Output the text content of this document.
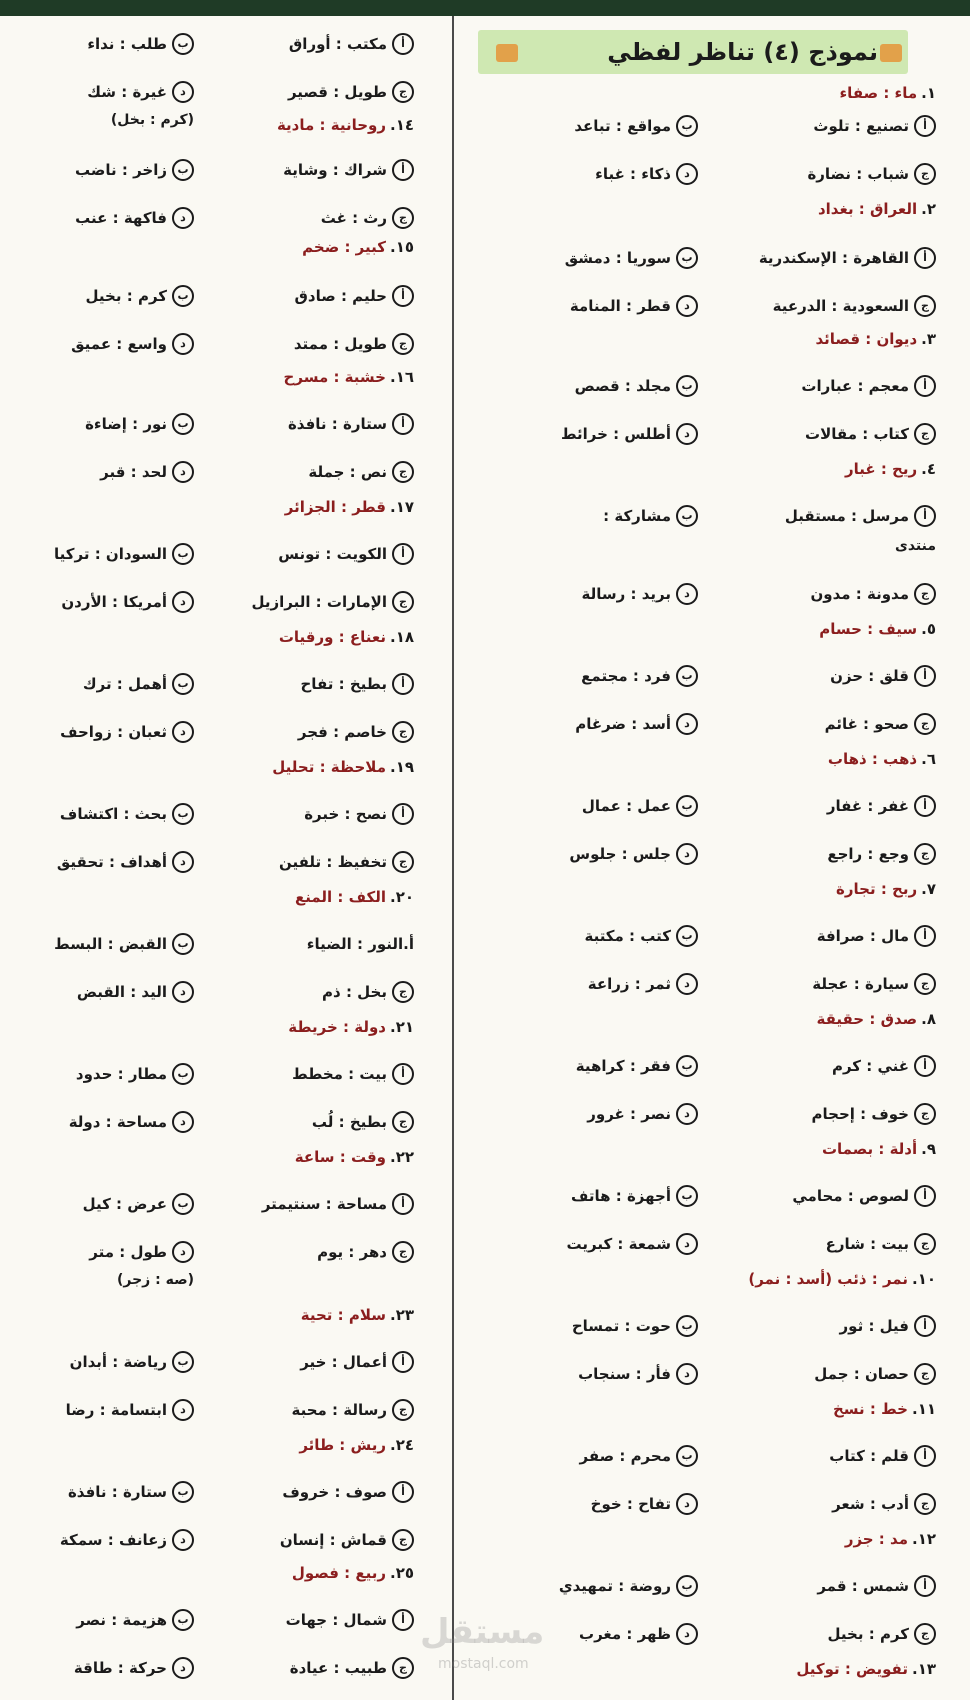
نموذج (٤) تناظر لفظي
١.ماء : صفاء
أ
تصنيع : تلوث
ب
مواقع : تباعد
ج
شباب : نضارة
د
ذكاء : غباء
٢.العراق : بغداد
أ
القاهرة : الإسكندرية
ب
سوريا : دمشق
ج
السعودية : الدرعية
د
قطر : المنامة
٣.ديوان : قصائد
أ
معجم : عبارات
ب
مجلد : قصص
ج
كتاب : مقالات
د
أطلس : خرائط
٤.ريح : غبار
أ
مرسل : مستقبل
ب
مشاركة :
ج
مدونة : مدون
د
بريد : رسالة
منتدى
٥.سيف : حسام
أ
قلق : حزن
ب
فرد : مجتمع
ج
صحو : غائم
د
أسد : ضرغام
٦.ذهب : ذهاب
أ
غفر : غفار
ب
عمل : عمال
ج
وجع : راجع
د
جلس : جلوس
٧.ربح : تجارة
أ
مال : صرافة
ب
كتب : مكتبة
ج
سيارة : عجلة
د
ثمر : زراعة
٨.صدق : حقيقة
أ
غني : كرم
ب
فقر : كراهية
ج
خوف : إحجام
د
نصر : غرور
٩.أدلة : بصمات
أ
لصوص : محامي
ب
أجهزة : هاتف
ج
بيت : شارع
د
شمعة : كبريت
١٠.نمر : ذئب (أسد : نمر)
أ
فيل : ثور
ب
حوت : تمساح
ج
حصان : جمل
د
فأر : سنجاب
١١.خط : نسخ
أ
قلم : كتاب
ب
محرم : صفر
ج
أدب : شعر
د
تفاح : خوخ
١٢.مد : جزر
أ
شمس : قمر
ب
روضة : تمهيدي
ج
كرم : بخيل
د
ظهر : مغرب
١٣.تفويض : توكيل
أ
مكتب : أوراق
ب
طلب : نداء
ج
طويل : قصير
د
غيرة : شك
(كرم : بخل)	١٤.روحانية : مادية
أ
شراك : وشاية
ب
زاخر : ناضب
ج
رث : غث
د
فاكهة : عنب
١٥.كبير : ضخم
أ
حليم : صادق
ب
كرم : بخيل
ج
طويل : ممتد
د
واسع : عميق
١٦.خشبة : مسرح
أ
ستارة : نافذة
ب
نور : إضاءة
ج
نص : جملة
د
لحد : قبر
١٧.قطر : الجزائر
أ
الكويت : تونس
ب
السودان : تركيا
ج
الإمارات : البرازيل
د
أمريكا : الأردن
١٨.نعناع : ورقيات
أ
بطيخ : تفاح
ب
أهمل : ترك
ج
خاصم : فجر
د
ثعبان : زواحف
١٩.ملاحظة : تحليل
أ
نصح : خبرة
ب
بحث : اكتشاف
ج
تخفيظ : تلفين
د
أهداف : تحقيق
٢٠.الكف : المنع
أ.النور : الضياء
ب
القبض : البسط
ج
بخل : ذم
د
اليد : القبض
٢١.دولة : خريطة
أ
بيت : مخطط
ب
مطار : حدود
ج
بطيخ : لُب
د
مساحة : دولة
٢٢.وقت : ساعة
أ
مساحة : سنتيمتر
ب
عرض : كيل
ج
دهر : يوم
د
طول : متر
(صه : زجر)
٢٣.سلام : تحية
أ
أعمال : خير
ب
رياضة : أبدان
ج
رسالة : محبة
د
ابتسامة : رضا
٢٤.ريش : طائر
أ
صوف : خروف
ب
ستارة : نافذة
ج
قماش : إنسان
د
زعانف : سمكة
٢٥.ربيع : فصول
أ
شمال : جهات
ب
هزيمة : نصر
ج
طبيب : عيادة
د
حركة : طاقة
مستقل
mostaql.com
